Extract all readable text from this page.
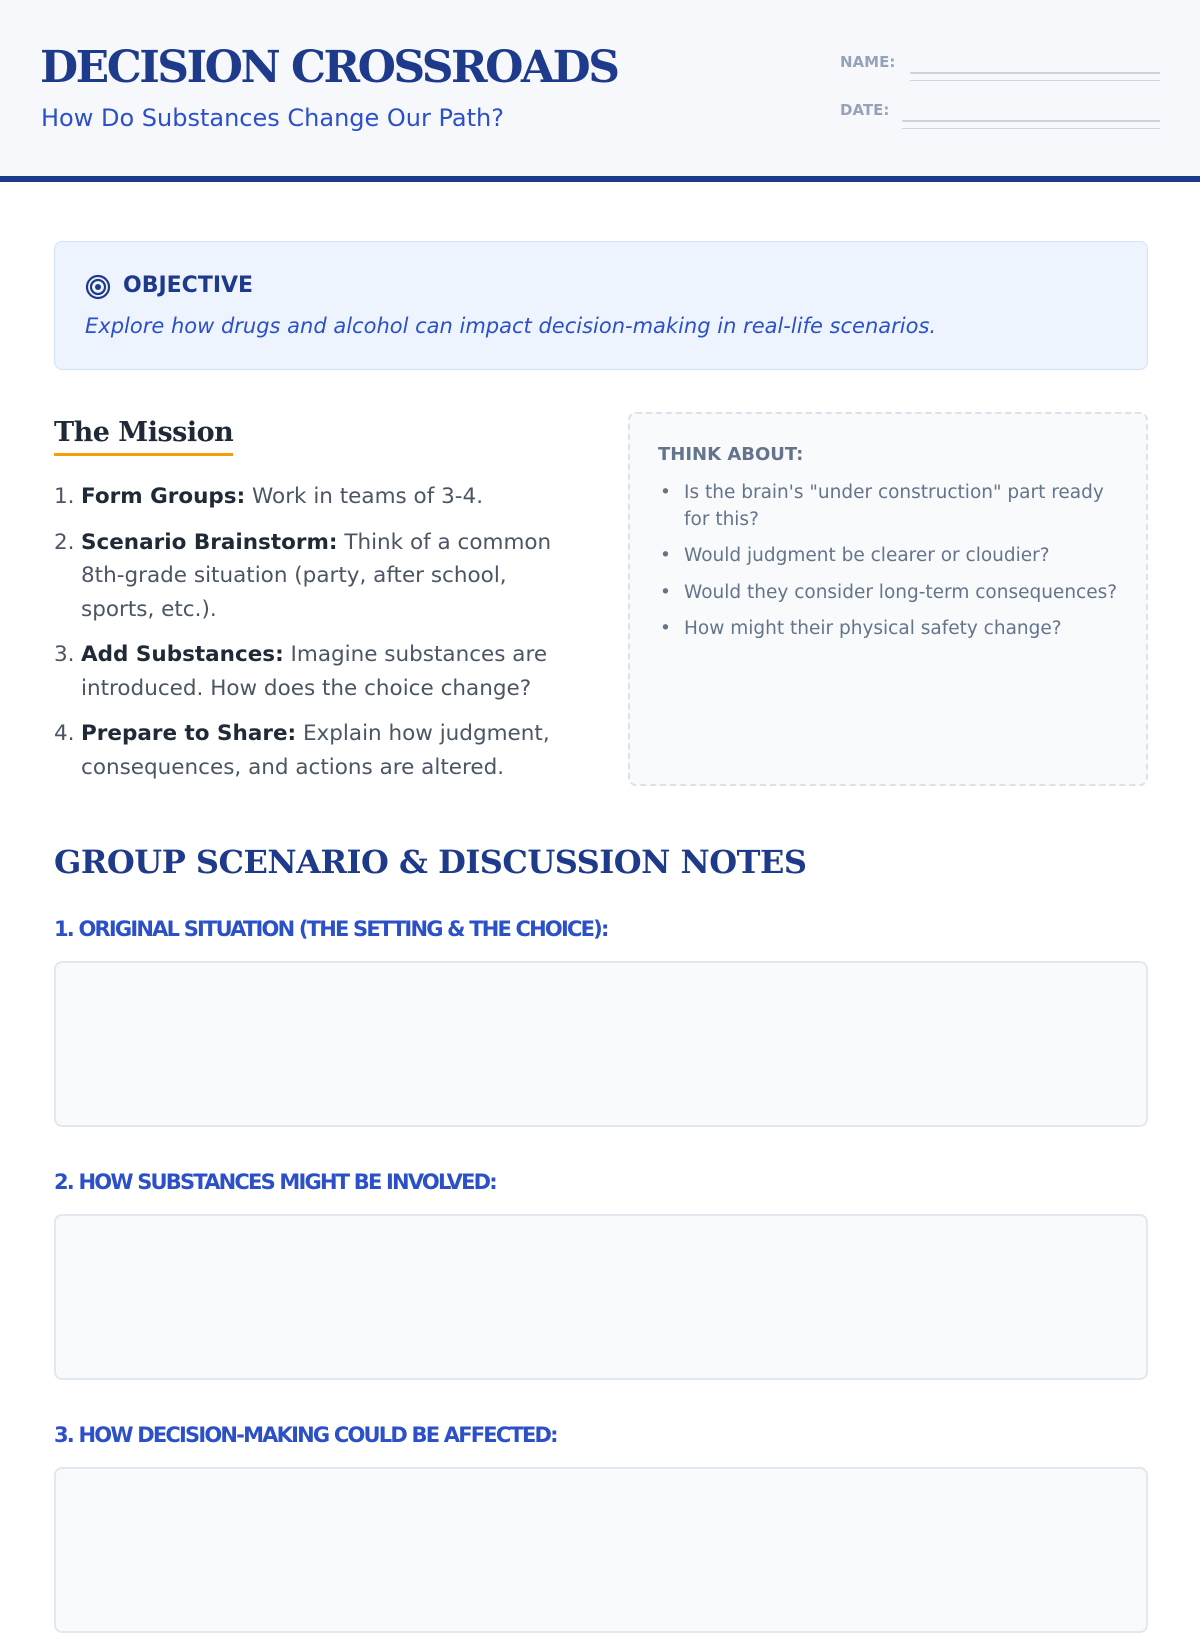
DECISION CROSSROADS
How Do Substances Change Our Path?
NAME:
DATE:
OBJECTIVE
Explore how drugs and alcohol can impact decision-making in real-life scenarios.
The Mission
1. Form Groups: Work in teams of 3-4.
2. Scenario Brainstorm: Think of a common 8th-grade situation (party, after school, sports, etc.).
3. Add Substances: Imagine substances are introduced. How does the choice change?
4. Prepare to Share: Explain how judgment, consequences, and actions are altered.
THINK ABOUT:
• Is the brain's "under construction" part ready for this?
• Would judgment be clearer or cloudier?
• Would they consider long-term consequences?
• How might their physical safety change?
GROUP SCENARIO & DISCUSSION NOTES
1. ORIGINAL SITUATION (THE SETTING & THE CHOICE):
2. HOW SUBSTANCES MIGHT BE INVOLVED:
3. HOW DECISION-MAKING COULD BE AFFECTED:
